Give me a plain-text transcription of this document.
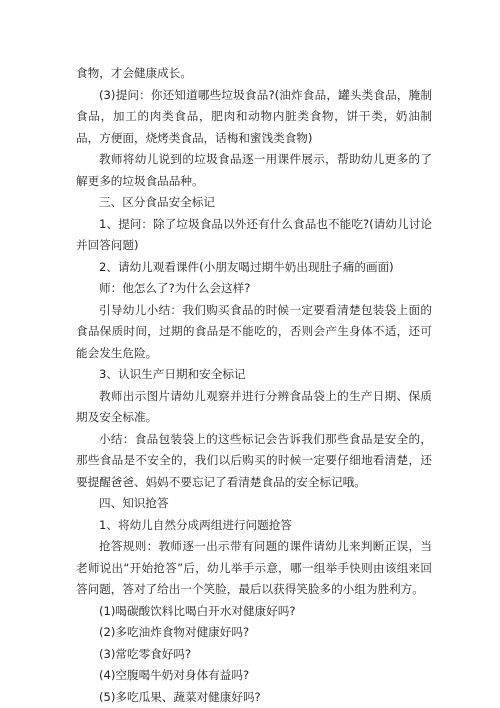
食物，才会健康成长。

(3)提问：你还知道哪些垃圾食品?(油炸食品，罐头类食品，腌制食品，加工的肉类食品，肥肉和动物内脏类食物，饼干类，奶油制品，方便面，烧烤类食品，话梅和蜜饯类食物)

教师将幼儿说到的垃圾食品逐一用课件展示，帮助幼儿更多的了解更多的垃圾食品品种。

三、区分食品安全标记

1、提问：除了垃圾食品以外还有什么食品也不能吃?(请幼儿讨论并回答问题)

2、请幼儿观看课件(小朋友喝过期牛奶出现肚子痛的画面)

师：他怎么了?为什么会这样?

引导幼儿小结：我们购买食品的时候一定要看清楚包装袋上面的食品保质时间，过期的食品是不能吃的，否则会产生身体不适，还可能会发生危险。

3、认识生产日期和安全标记

教师出示图片请幼儿观察并进行分辨食品袋上的生产日期、保质期及安全标准。

小结：食品包装袋上的这些标记会告诉我们那些食品是安全的，那些食品是不安全的，我们以后购买的时候一定要仔细地看清楚，还要提醒爸爸、妈妈不要忘记了看清楚食品的安全标记哦。

四、知识抢答

1、将幼儿自然分成两组进行问题抢答

抢答规则：教师逐一出示带有问题的课件请幼儿来判断正误，当老师说出“开始抢答”后，幼儿举手示意，哪一组举手快则由该组来回答问题，答对了给出一个笑脸，最后以获得笑脸多的小组为胜利方。

(1)喝碳酸饮料比喝白开水对健康好吗?

(2)多吃油炸食物对健康好吗?

(3)常吃零食好吗?

(4)空腹喝牛奶对身体有益吗?

(5)多吃瓜果、蔬菜对健康好吗?
